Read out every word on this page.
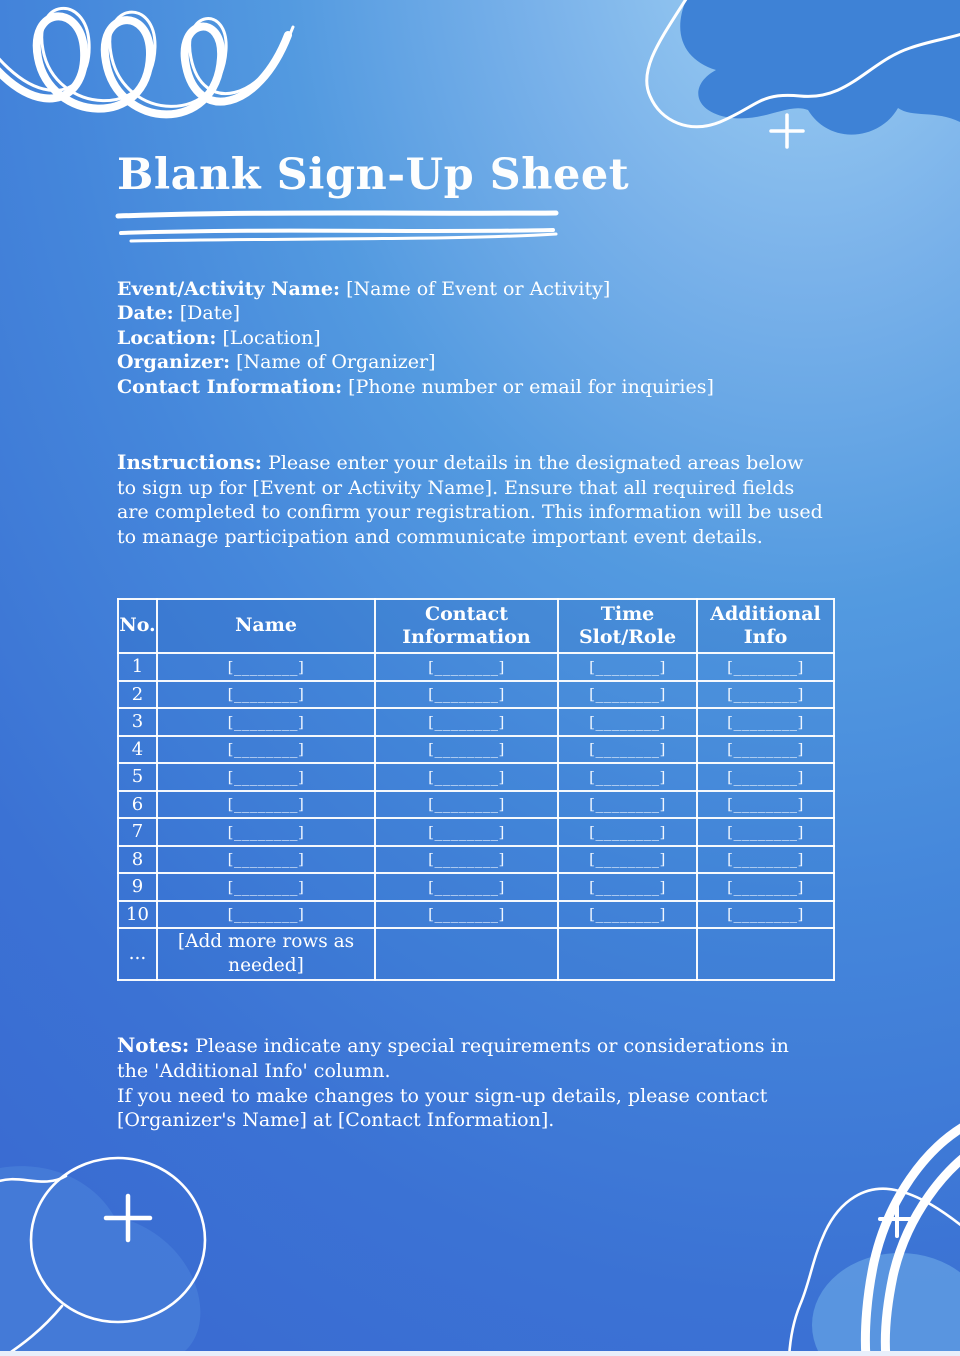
Blank Sign-Up Sheet
Event/Activity Name: [Name of Event or Activity]
Date: [Date]
Location: [Location]
Organizer: [Name of Organizer]
Contact Information: [Phone number or email for inquiries]

Instructions: Please enter your details in the designated areas below to sign up for [Event or Activity Name]. Ensure that all required fields are completed to confirm your registration. This information will be used to manage participation and communicate important event details.

No.	Name	Contact Information	Time Slot/Role	Additional Info
1	[________]	[________]	[________]	[________]
2	[________]	[________]	[________]	[________]
3	[________]	[________]	[________]	[________]
4	[________]	[________]	[________]	[________]
5	[________]	[________]	[________]	[________]
6	[________]	[________]	[________]	[________]
7	[________]	[________]	[________]	[________]
8	[________]	[________]	[________]	[________]
9	[________]	[________]	[________]	[________]
10	[________]	[________]	[________]	[________]
...	[Add more rows as needed]			

Notes: Please indicate any special requirements or considerations in the 'Additional Info' column.

If you need to make changes to your sign-up details, please contact [Organizer's Name] at [Contact Information].
